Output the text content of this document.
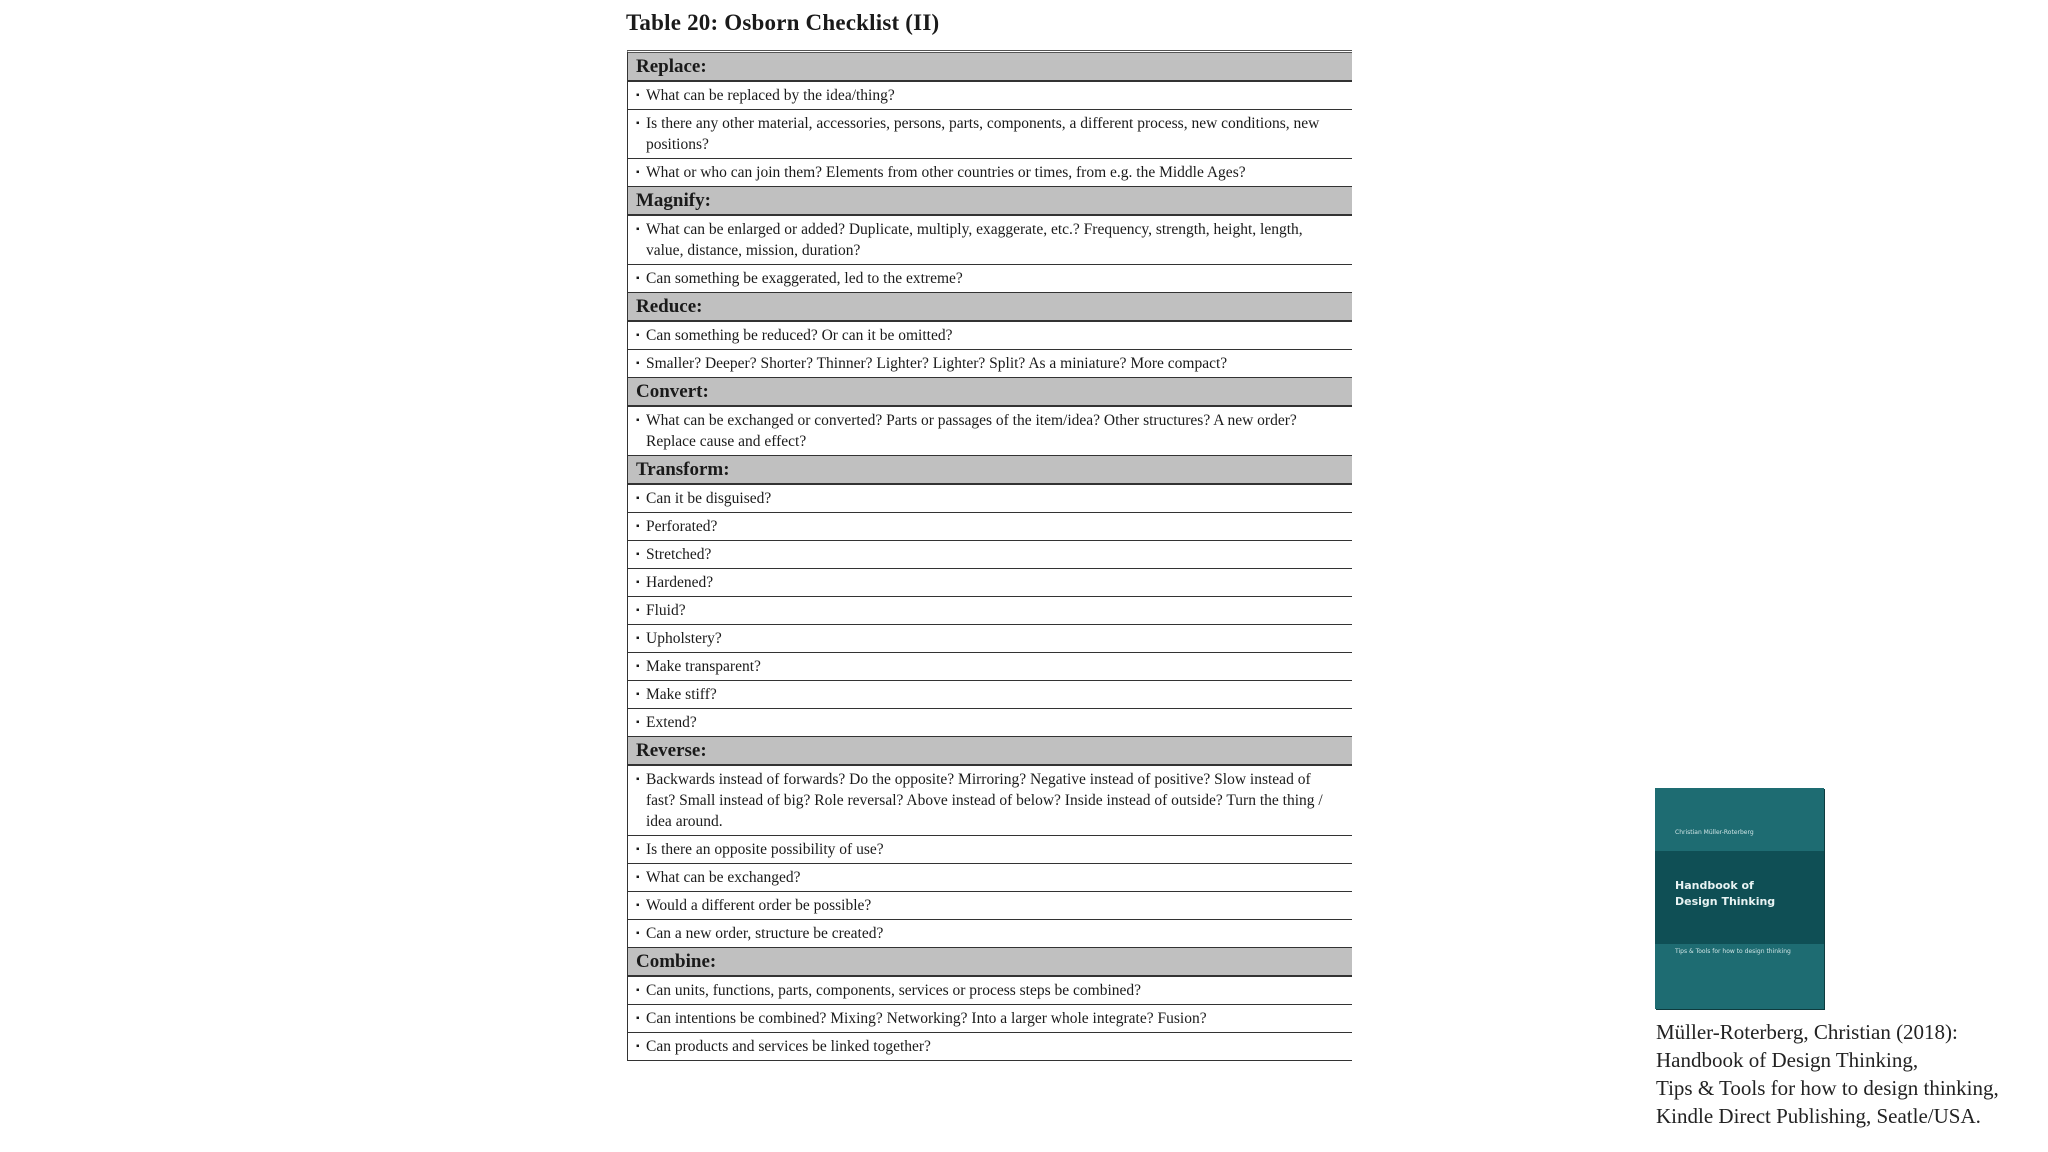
Table 20: Osborn Checklist (II)
Replace:
▪ What can be replaced by the idea/thing?
▪ Is there any other material, accessories, persons, parts, components, a different process, new conditions, new positions?
▪ What or who can join them? Elements from other countries or times, from e.g. the Middle Ages?
Magnify:
▪ What can be enlarged or added? Duplicate, multiply, exaggerate, etc.? Frequency, strength, height, length, value, distance, mission, duration?
▪ Can something be exaggerated, led to the extreme?
Reduce:
▪ Can something be reduced? Or can it be omitted?
▪ Smaller? Deeper? Shorter? Thinner? Lighter? Lighter? Split? As a miniature? More compact?
Convert:
▪ What can be exchanged or converted? Parts or passages of the item/idea? Other structures? A new order? Replace cause and effect?
Transform:
▪ Can it be disguised?
▪ Perforated?
▪ Stretched?
▪ Hardened?
▪ Fluid?
▪ Upholstery?
▪ Make transparent?
▪ Make stiff?
▪ Extend?
Reverse:
▪ Backwards instead of forwards? Do the opposite? Mirroring? Negative instead of positive? Slow instead of fast? Small instead of big? Role reversal? Above instead of below? Inside instead of outside? Turn the thing / idea around.
▪ Is there an opposite possibility of use?
▪ What can be exchanged?
▪ Would a different order be possible?
▪ Can a new order, structure be created?
Combine:
▪ Can units, functions, parts, components, services or process steps be combined?
▪ Can intentions be combined? Mixing? Networking? Into a larger whole integrate? Fusion?
▪ Can products and services be linked together?
Christian Müller-Roterberg
Handbook of
Design Thinking
Tips & Tools for how to design thinking
Müller-Roterberg, Christian (2018):
Handbook of Design Thinking,
Tips & Tools for how to design thinking,
Kindle Direct Publishing, Seatle/USA.
